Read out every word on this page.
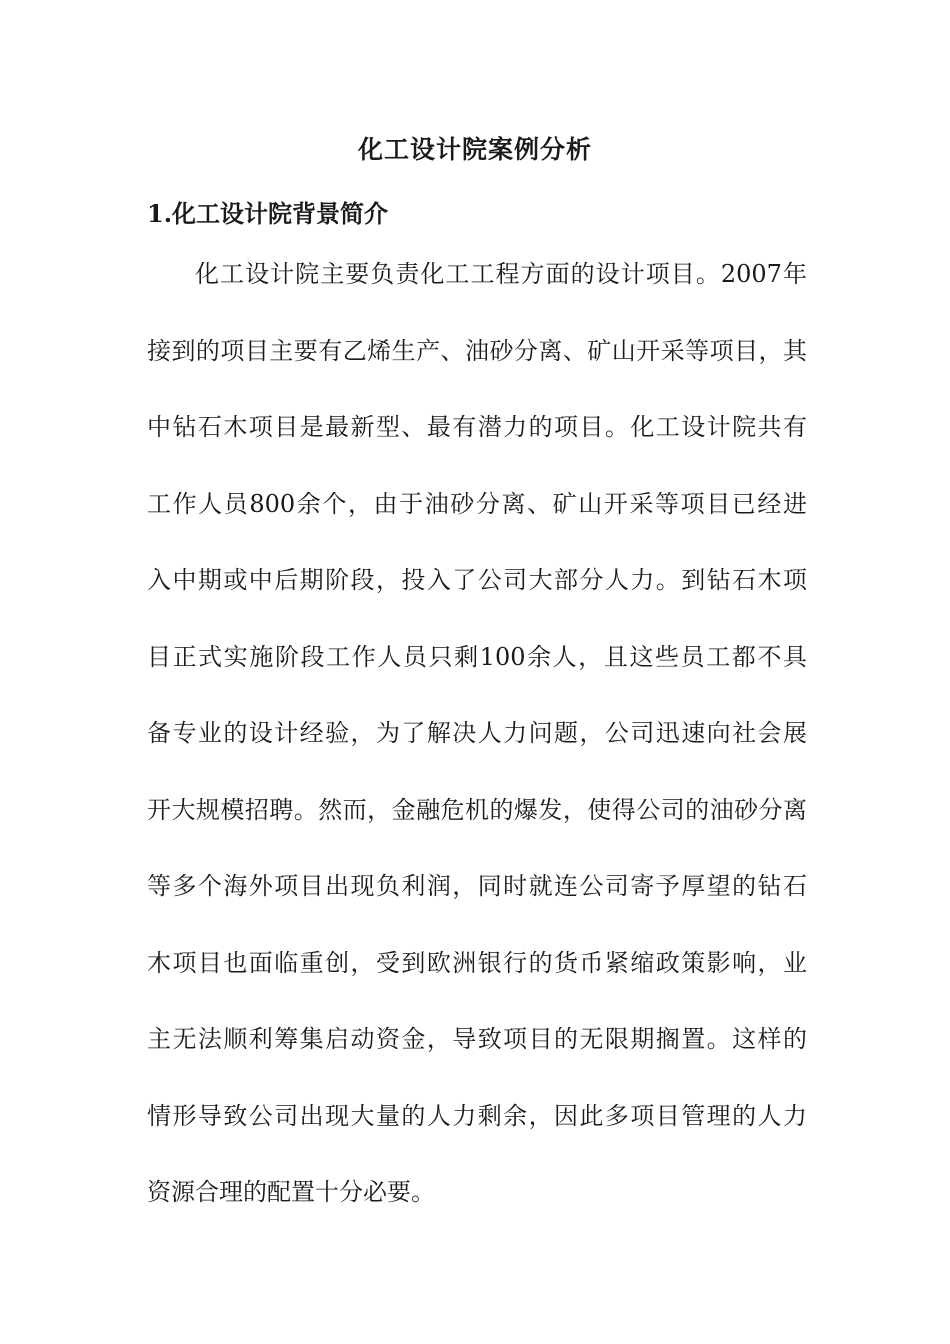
化工设计院案例分析
1.化工设计院背景简介
化工设计院主要负责化工工程方面的设计项目。2007年
接到的项目主要有乙烯生产、油砂分离、矿山开采等项目，其
中钻石木项目是最新型、最有潜力的项目。化工设计院共有
工作人员800余个，由于油砂分离、矿山开采等项目已经进
入中期或中后期阶段，投入了公司大部分人力。到钻石木项
目正式实施阶段工作人员只剩100余人，且这些员工都不具
备专业的设计经验，为了解决人力问题，公司迅速向社会展
开大规模招聘。然而，金融危机的爆发，使得公司的油砂分离
等多个海外项目出现负利润，同时就连公司寄予厚望的钻石
木项目也面临重创，受到欧洲银行的货币紧缩政策影响，业
主无法顺利筹集启动资金，导致项目的无限期搁置。这样的
情形导致公司出现大量的人力剩余，因此多项目管理的人力
资源合理的配置十分必要。
